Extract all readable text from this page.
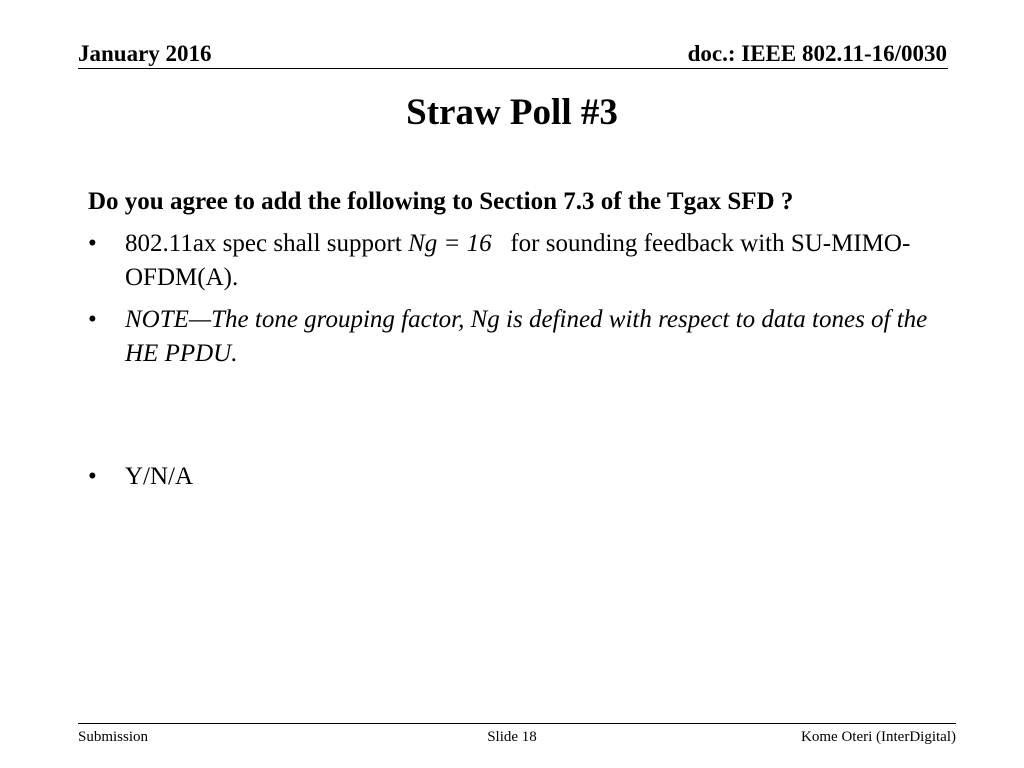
January 2016	doc.: IEEE 802.11-16/0030
Straw Poll #3
Do you agree to add the following to Section 7.3 of the Tgax SFD ?
•	802.11ax spec shall support Ng = 16   for sounding feedback with SU-MIMO-OFDM(A).
•	NOTE—The tone grouping factor, Ng is defined with respect to data tones of the HE PPDU.
•	Y/N/A
Submission	Slide 18	Kome Oteri (InterDigital)
